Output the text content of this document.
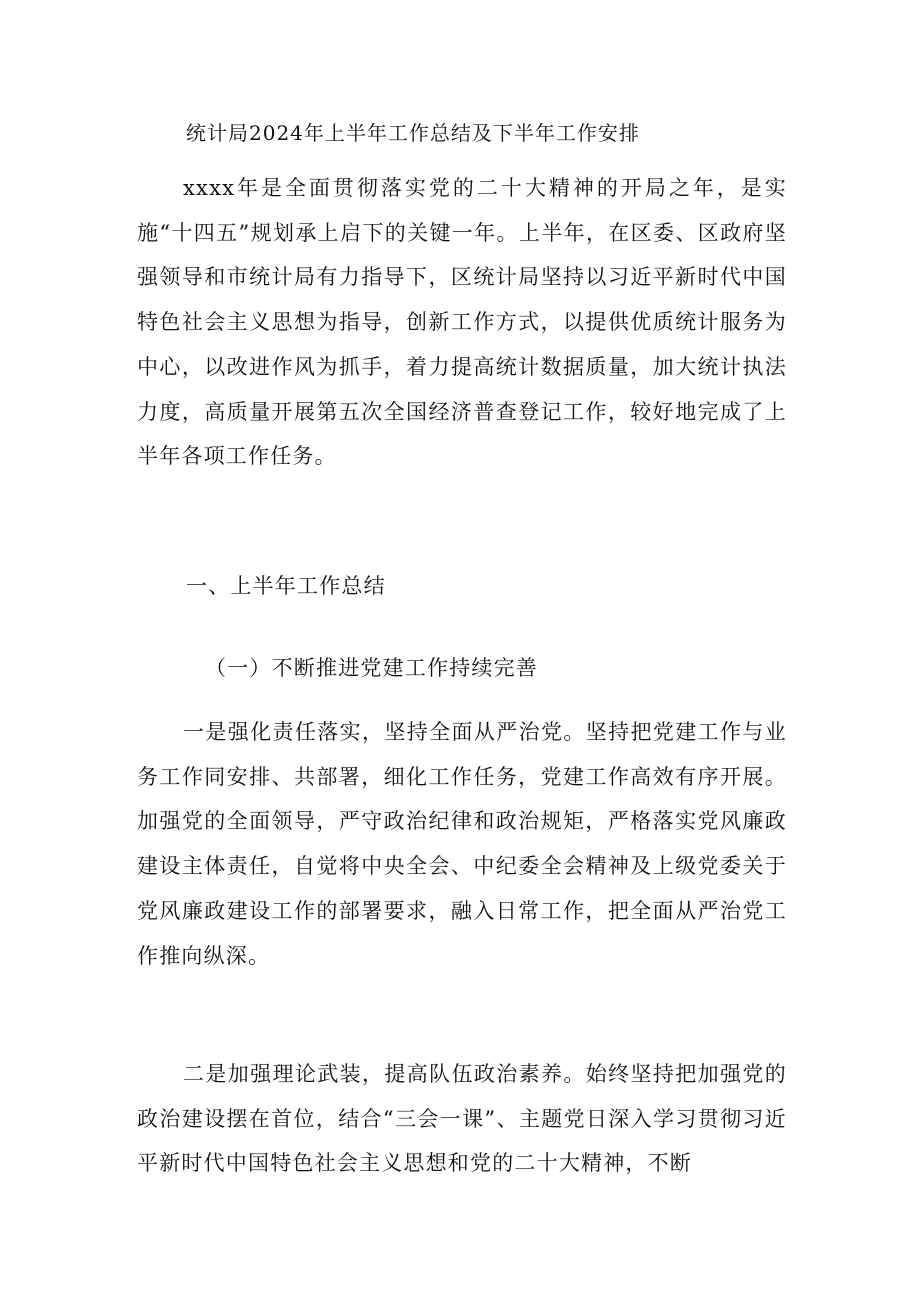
统计局2024年上半年工作总结及下半年工作安排

xxxx年是全面贯彻落实党的二十大精神的开局之年，是实施“十四五”规划承上启下的关键一年。上半年，在区委、区政府坚强领导和市统计局有力指导下，区统计局坚持以习近平新时代中国特色社会主义思想为指导，创新工作方式，以提供优质统计服务为中心，以改进作风为抓手，着力提高统计数据质量，加大统计执法力度，高质量开展第五次全国经济普查登记工作，较好地完成了上半年各项工作任务。

一、上半年工作总结
（一）不断推进党建工作持续完善

一是强化责任落实，坚持全面从严治党。坚持把党建工作与业务工作同安排、共部署，细化工作任务，党建工作高效有序开展。加强党的全面领导，严守政治纪律和政治规矩，严格落实党风廉政建设主体责任，自觉将中央全会、中纪委全会精神及上级党委关于党风廉政建设工作的部署要求，融入日常工作，把全面从严治党工作推向纵深。

二是加强理论武装，提高队伍政治素养。始终坚持把加强党的政治建设摆在首位，结合“三会一课”、主题党日深入学习贯彻习近平新时代中国特色社会主义思想和党的二十大精神，不断
